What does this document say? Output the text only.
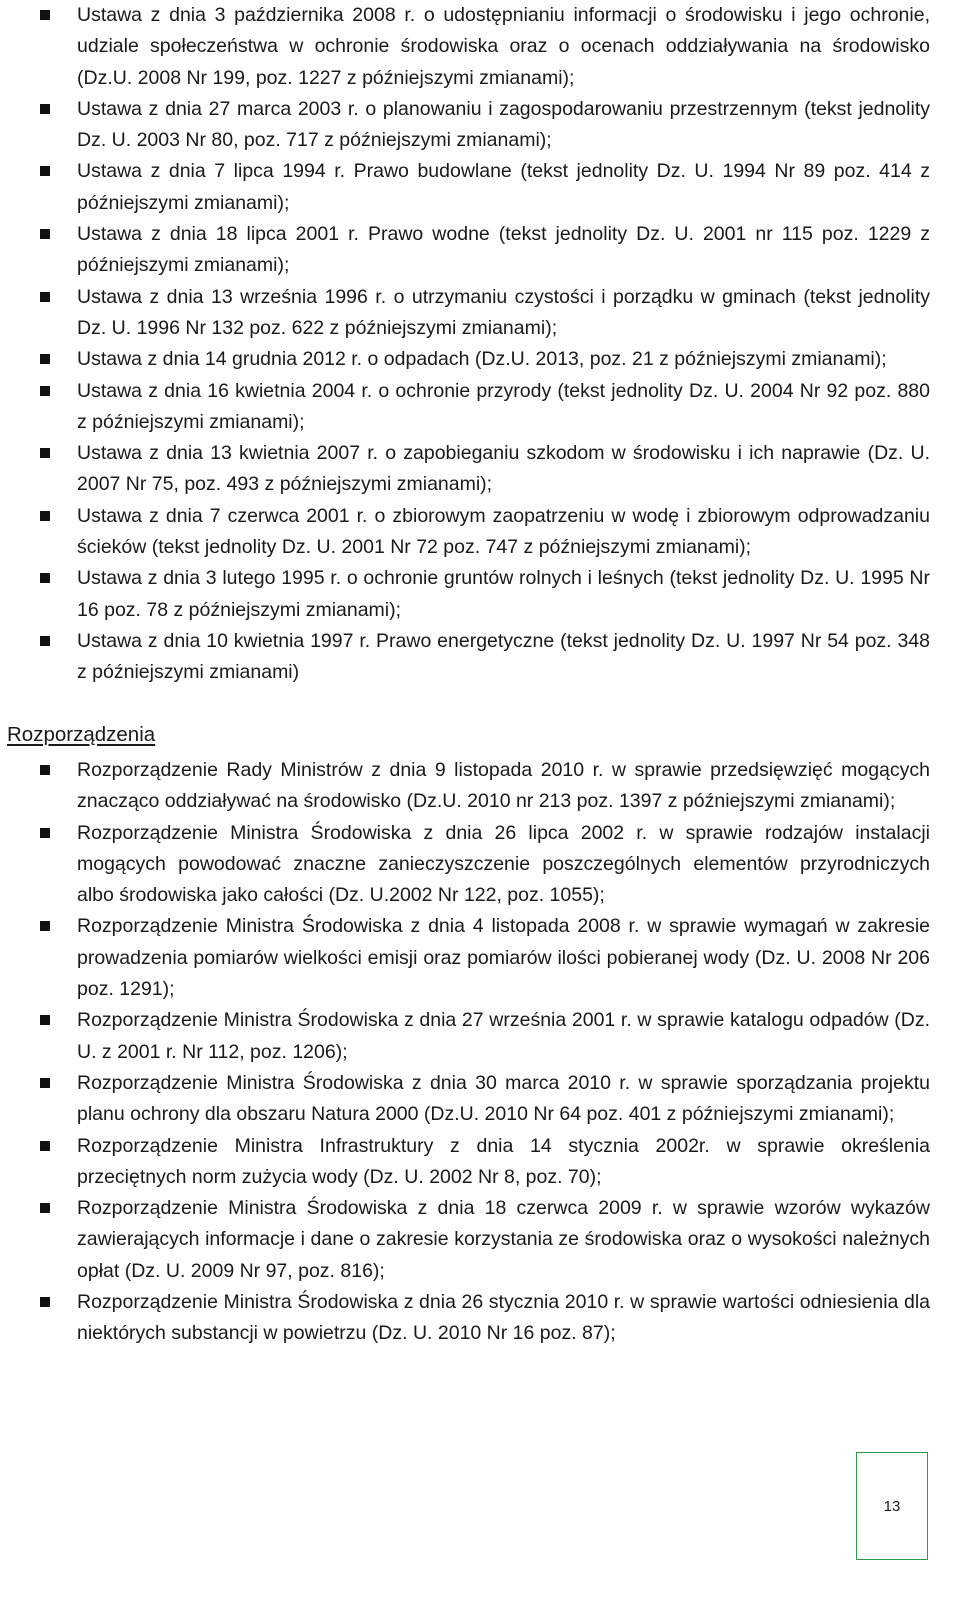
Ustawa z dnia 3 października 2008 r. o udostępnianiu informacji o środowisku i jego ochronie, udziale społeczeństwa w ochronie środowiska oraz o ocenach oddziaływania na środowisko (Dz.U. 2008 Nr 199, poz. 1227 z późniejszymi zmianami);
Ustawa z dnia 27 marca 2003 r. o planowaniu i zagospodarowaniu przestrzennym (tekst jednolity Dz. U. 2003 Nr 80, poz. 717 z późniejszymi zmianami);
Ustawa z dnia 7 lipca 1994 r. Prawo budowlane (tekst jednolity Dz. U. 1994 Nr 89 poz. 414 z późniejszymi zmianami);
Ustawa z dnia 18 lipca 2001 r. Prawo wodne (tekst jednolity Dz. U. 2001 nr 115 poz. 1229 z późniejszymi zmianami);
Ustawa z dnia 13 września 1996 r. o utrzymaniu czystości i porządku w gminach (tekst jednolity Dz. U. 1996 Nr 132 poz. 622 z późniejszymi zmianami);
Ustawa z dnia 14 grudnia 2012 r. o odpadach (Dz.U. 2013, poz. 21 z późniejszymi zmianami);
Ustawa z dnia 16 kwietnia 2004 r. o ochronie przyrody (tekst jednolity Dz. U. 2004 Nr 92 poz. 880 z późniejszymi zmianami);
Ustawa z dnia 13 kwietnia 2007 r. o zapobieganiu szkodom w środowisku i ich naprawie (Dz. U. 2007 Nr 75, poz. 493 z późniejszymi zmianami);
Ustawa z dnia 7 czerwca 2001 r. o zbiorowym zaopatrzeniu w wodę i zbiorowym odprowadzaniu ścieków (tekst jednolity Dz. U. 2001 Nr 72 poz. 747 z późniejszymi zmianami);
Ustawa z dnia 3 lutego 1995 r. o ochronie gruntów rolnych i leśnych (tekst jednolity Dz. U. 1995 Nr 16 poz. 78 z późniejszymi zmianami);
Ustawa z dnia 10 kwietnia 1997 r. Prawo energetyczne (tekst jednolity Dz. U. 1997 Nr 54 poz. 348 z późniejszymi zmianami)
Rozporządzenia
Rozporządzenie Rady Ministrów z dnia 9 listopada 2010 r. w sprawie przedsięwzięć mogących znacząco oddziaływać na środowisko (Dz.U. 2010 nr 213 poz. 1397 z późniejszymi zmianami);
Rozporządzenie Ministra Środowiska z dnia 26 lipca 2002 r. w sprawie rodzajów instalacji mogących powodować znaczne zanieczyszczenie poszczególnych elementów przyrodniczych albo środowiska jako całości (Dz. U.2002 Nr 122, poz. 1055);
Rozporządzenie Ministra Środowiska z dnia 4 listopada 2008 r. w sprawie wymagań w zakresie prowadzenia pomiarów wielkości emisji oraz pomiarów ilości pobieranej wody (Dz. U. 2008 Nr 206 poz. 1291);
Rozporządzenie Ministra Środowiska z dnia 27 września 2001 r. w sprawie katalogu odpadów (Dz. U. z 2001 r. Nr 112, poz. 1206);
Rozporządzenie Ministra Środowiska z dnia 30 marca 2010 r. w sprawie sporządzania projektu planu ochrony dla obszaru Natura 2000 (Dz.U. 2010 Nr 64 poz. 401 z późniejszymi zmianami);
Rozporządzenie Ministra Infrastruktury z dnia 14 stycznia 2002r. w sprawie określenia przeciętnych norm zużycia wody (Dz. U. 2002 Nr 8, poz. 70);
Rozporządzenie Ministra Środowiska z dnia 18 czerwca 2009 r. w sprawie wzorów wykazów zawierających informacje i dane o zakresie korzystania ze środowiska oraz o wysokości należnych opłat (Dz. U. 2009 Nr 97, poz. 816);
Rozporządzenie Ministra Środowiska z dnia 26 stycznia 2010 r. w sprawie wartości odniesienia dla niektórych substancji w powietrzu (Dz. U. 2010 Nr 16 poz. 87);
13
